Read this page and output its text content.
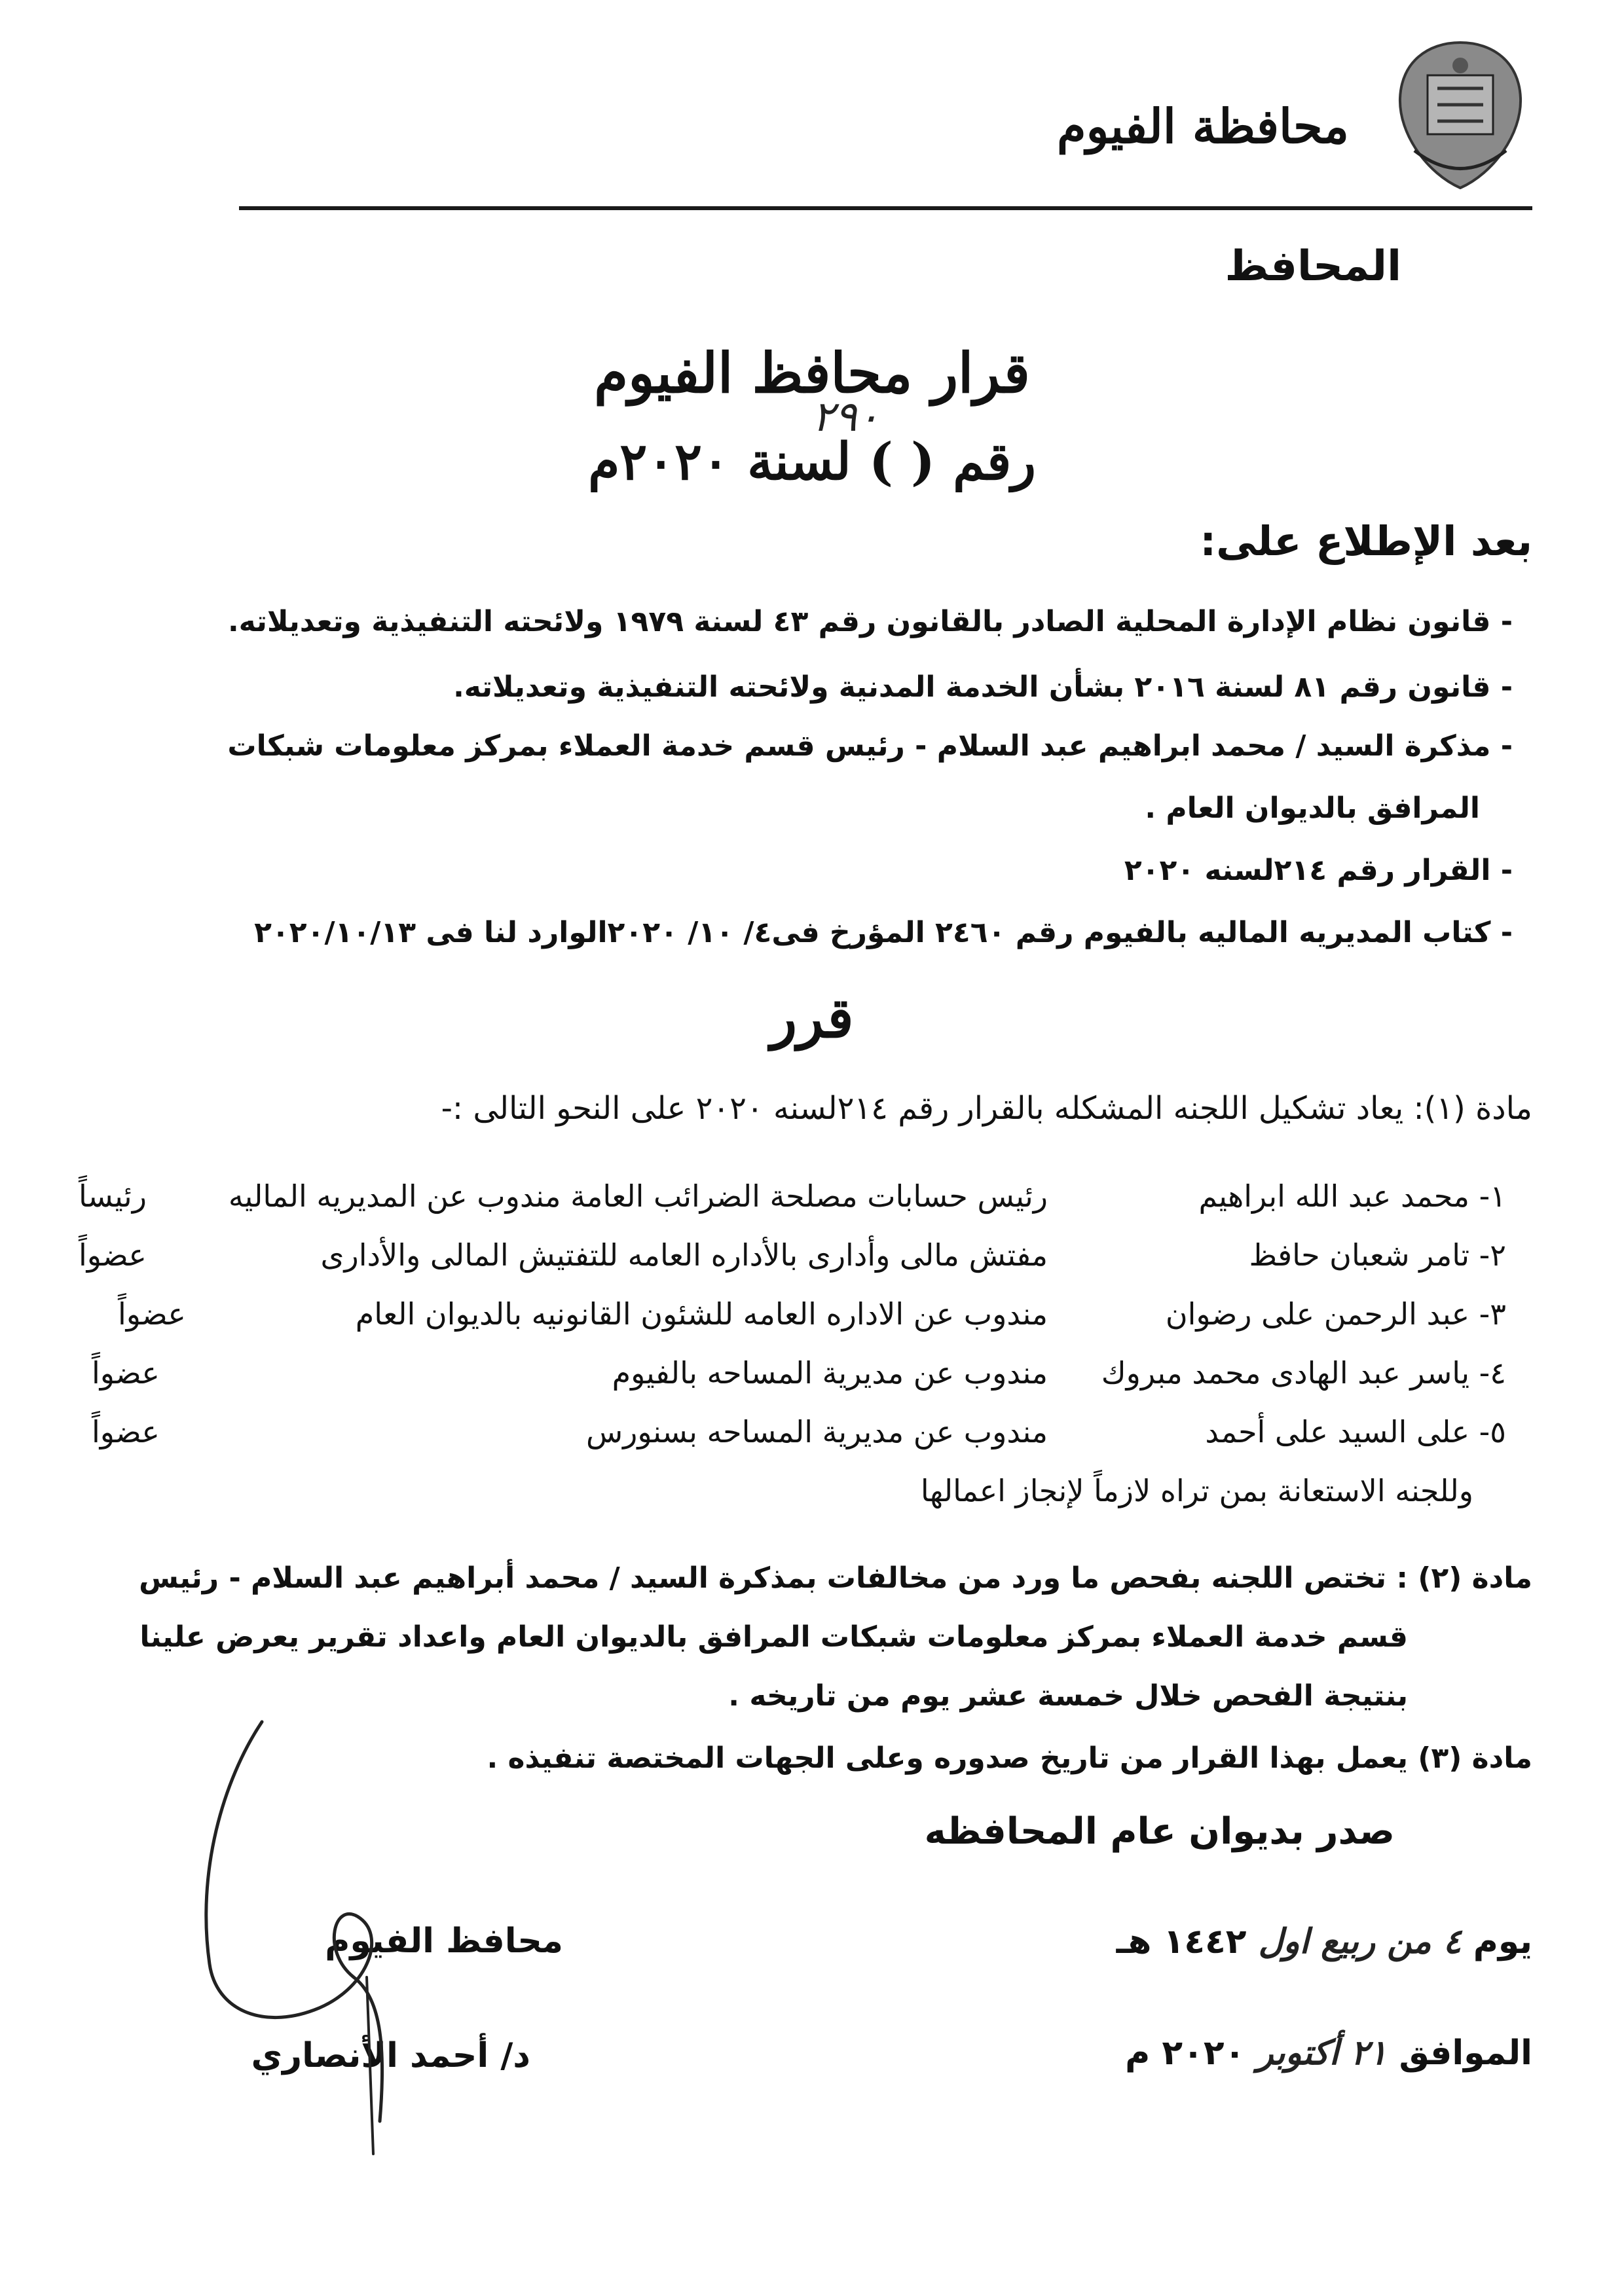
محافظة الفيوم
المحافظ
قرار محافظ الفيوم
٢٩٠
رقم ( ) لسنة ٢٠٢٠م
بعد الإطلاع على:
- قانون نظام الإدارة المحلية الصادر بالقانون رقم ٤٣ لسنة ١٩٧٩ ولائحته التنفيذية وتعديلاته.
- قانون رقم ٨١ لسنة ٢٠١٦ بشأن الخدمة المدنية ولائحته التنفيذية وتعديلاته.
- مذكرة السيد / محمد ابراهيم عبد السلام - رئيس قسم خدمة العملاء بمركز معلومات شبكات
المرافق بالديوان العام .
- القرار رقم ٢١٤لسنه ٢٠٢٠
- كتاب المديريه الماليه بالفيوم رقم ٢٤٦٠ المؤرخ فى٤/ ١٠/ ٢٠٢٠الوارد لنا فى ٢٠٢٠/١٠/١٣
قرر
مادة (١): يعاد تشكيل اللجنه المشكله بالقرار رقم ٢١٤لسنه ٢٠٢٠ على النحو التالى :-
١- محمد عبد الله ابراهيم
رئيس حسابات مصلحة الضرائب العامة مندوب عن المديريه الماليه
رئيساً
٢- تامر شعبان حافظ
مفتش مالى وأدارى بالأداره العامه للتفتيش المالى والأدارى
عضواً
٣- عبد الرحمن على رضوان
مندوب عن الاداره العامه للشئون القانونيه بالديوان العام
عضواً
٤- ياسر عبد الهادى محمد مبروك
مندوب عن مديرية المساحه بالفيوم
عضواً
٥- على السيد على أحمد
مندوب عن مديرية المساحه بسنورس
عضواً
وللجنه الاستعانة بمن تراه لازماً لإنجاز اعمالها
مادة (٢) : تختص اللجنه بفحص ما ورد من مخالفات بمذكرة السيد / محمد أبراهيم عبد السلام - رئيس
قسم خدمة العملاء بمركز معلومات شبكات المرافق بالديوان العام واعداد تقرير يعرض علينا
بنتيجة الفحص خلال خمسة عشر يوم من تاريخه .
مادة (٣) يعمل بهذا القرار من تاريخ صدوره وعلى الجهات المختصة تنفيذه .
صدر بديوان عام المحافظه
يوم ٤ من ربيع اول ١٤٤٢ هـ
الموافق ٢١ أكتوبر ٢٠٢٠ م
محافظ الفيوم
د/ أحمد الأنصاري
